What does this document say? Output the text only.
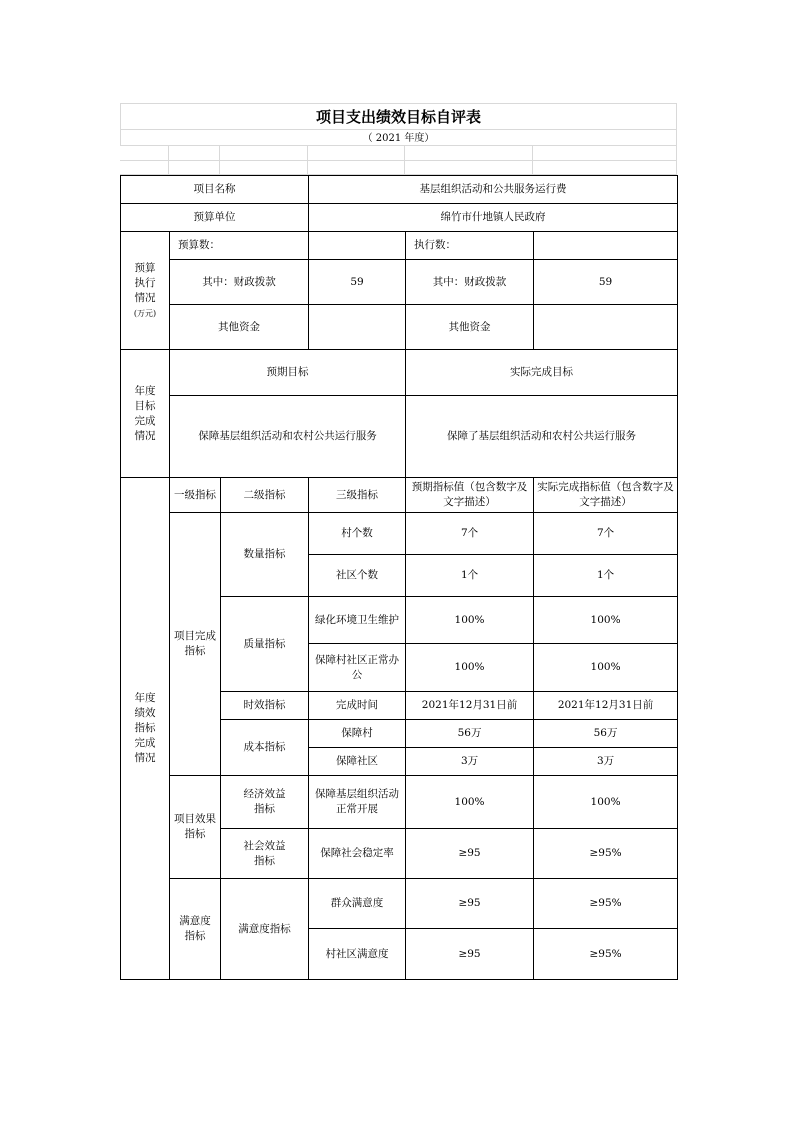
项目支出绩效目标自评表
（ 2021 年度）
项目名称			基层组织活动和公共服务运行费		
预算单位			绵竹市什地镇人民政府		

预算执行情况
(万元)	预算数：			执行数：	
	其中：财政拨款		59	其中：财政拨款	59
	其他资金			其他资金	

年度目标完成情况	预期目标			实际完成目标	
	保障基层组织活动和农村公共运行服务			保障了基层组织活动和农村公共运行服务	

年度绩效指标完成情况	一级指标	二级指标	三级指标	预期指标值（包含数字及文字描述）	实际完成指标值（包含数字及文字描述）

	项目完成指标	数量指标	村个数	7个	7个
			社区个数	1个	1个
		质量指标	绿化环境卫生维护	100%	100%
			保障村社区正常办公	100%	100%
		时效指标	完成时间	2021年12月31日前	2021年12月31日前
		成本指标	保障村	56万	56万
			保障社区	3万	3万

	项目效果指标	经济效益指标	保障基层组织活动正常开展	100%	100%

		社会效益指标	保障社会稳定率	≥95	≥95%

	满意度指标	满意度指标	群众满意度	≥95	≥95%
			村社区满意度	≥95	≥95%
